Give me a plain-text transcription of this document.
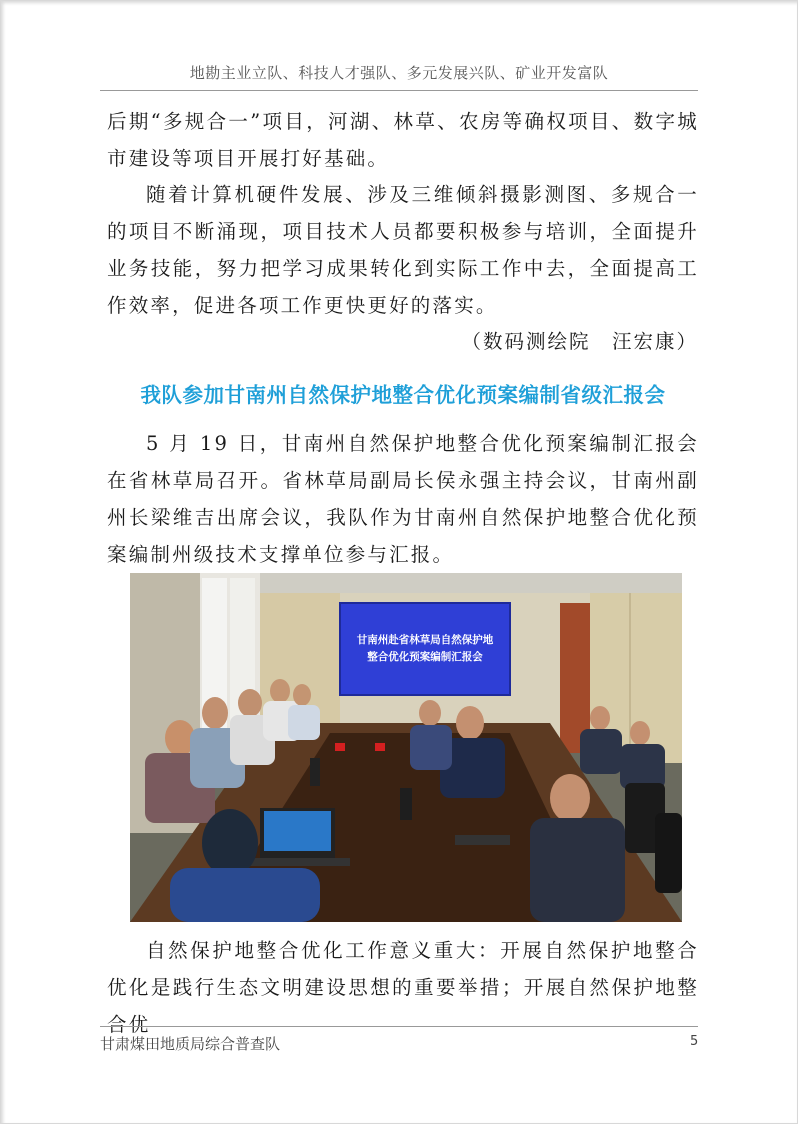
地勘主业立队、科技人才强队、多元发展兴队、矿业开发富队

后期“多规合一”项目，河湖、林草、农房等确权项目、数字城市建设等项目开展打好基础。

随着计算机硬件发展、涉及三维倾斜摄影测图、多规合一的项目不断涌现，项目技术人员都要积极参与培训，全面提升业务技能，努力把学习成果转化到实际工作中去，全面提高工作效率，促进各项工作更快更好的落实。

（数码测绘院　汪宏康）
我队参加甘南州自然保护地整合优化预案编制省级汇报会

5 月 19 日，甘南州自然保护地整合优化预案编制汇报会在省林草局召开。省林草局副局长侯永强主持会议，甘南州副州长梁维吉出席会议，我队作为甘南州自然保护地整合优化预案编制州级技术支撑单位参与汇报。

甘南州赴省林草局自然保护地
整合优化预案编制汇报会

自然保护地整合优化工作意义重大：开展自然保护地整合优化是践行生态文明建设思想的重要举措；开展自然保护地整合优

甘肃煤田地质局综合普查队	5
